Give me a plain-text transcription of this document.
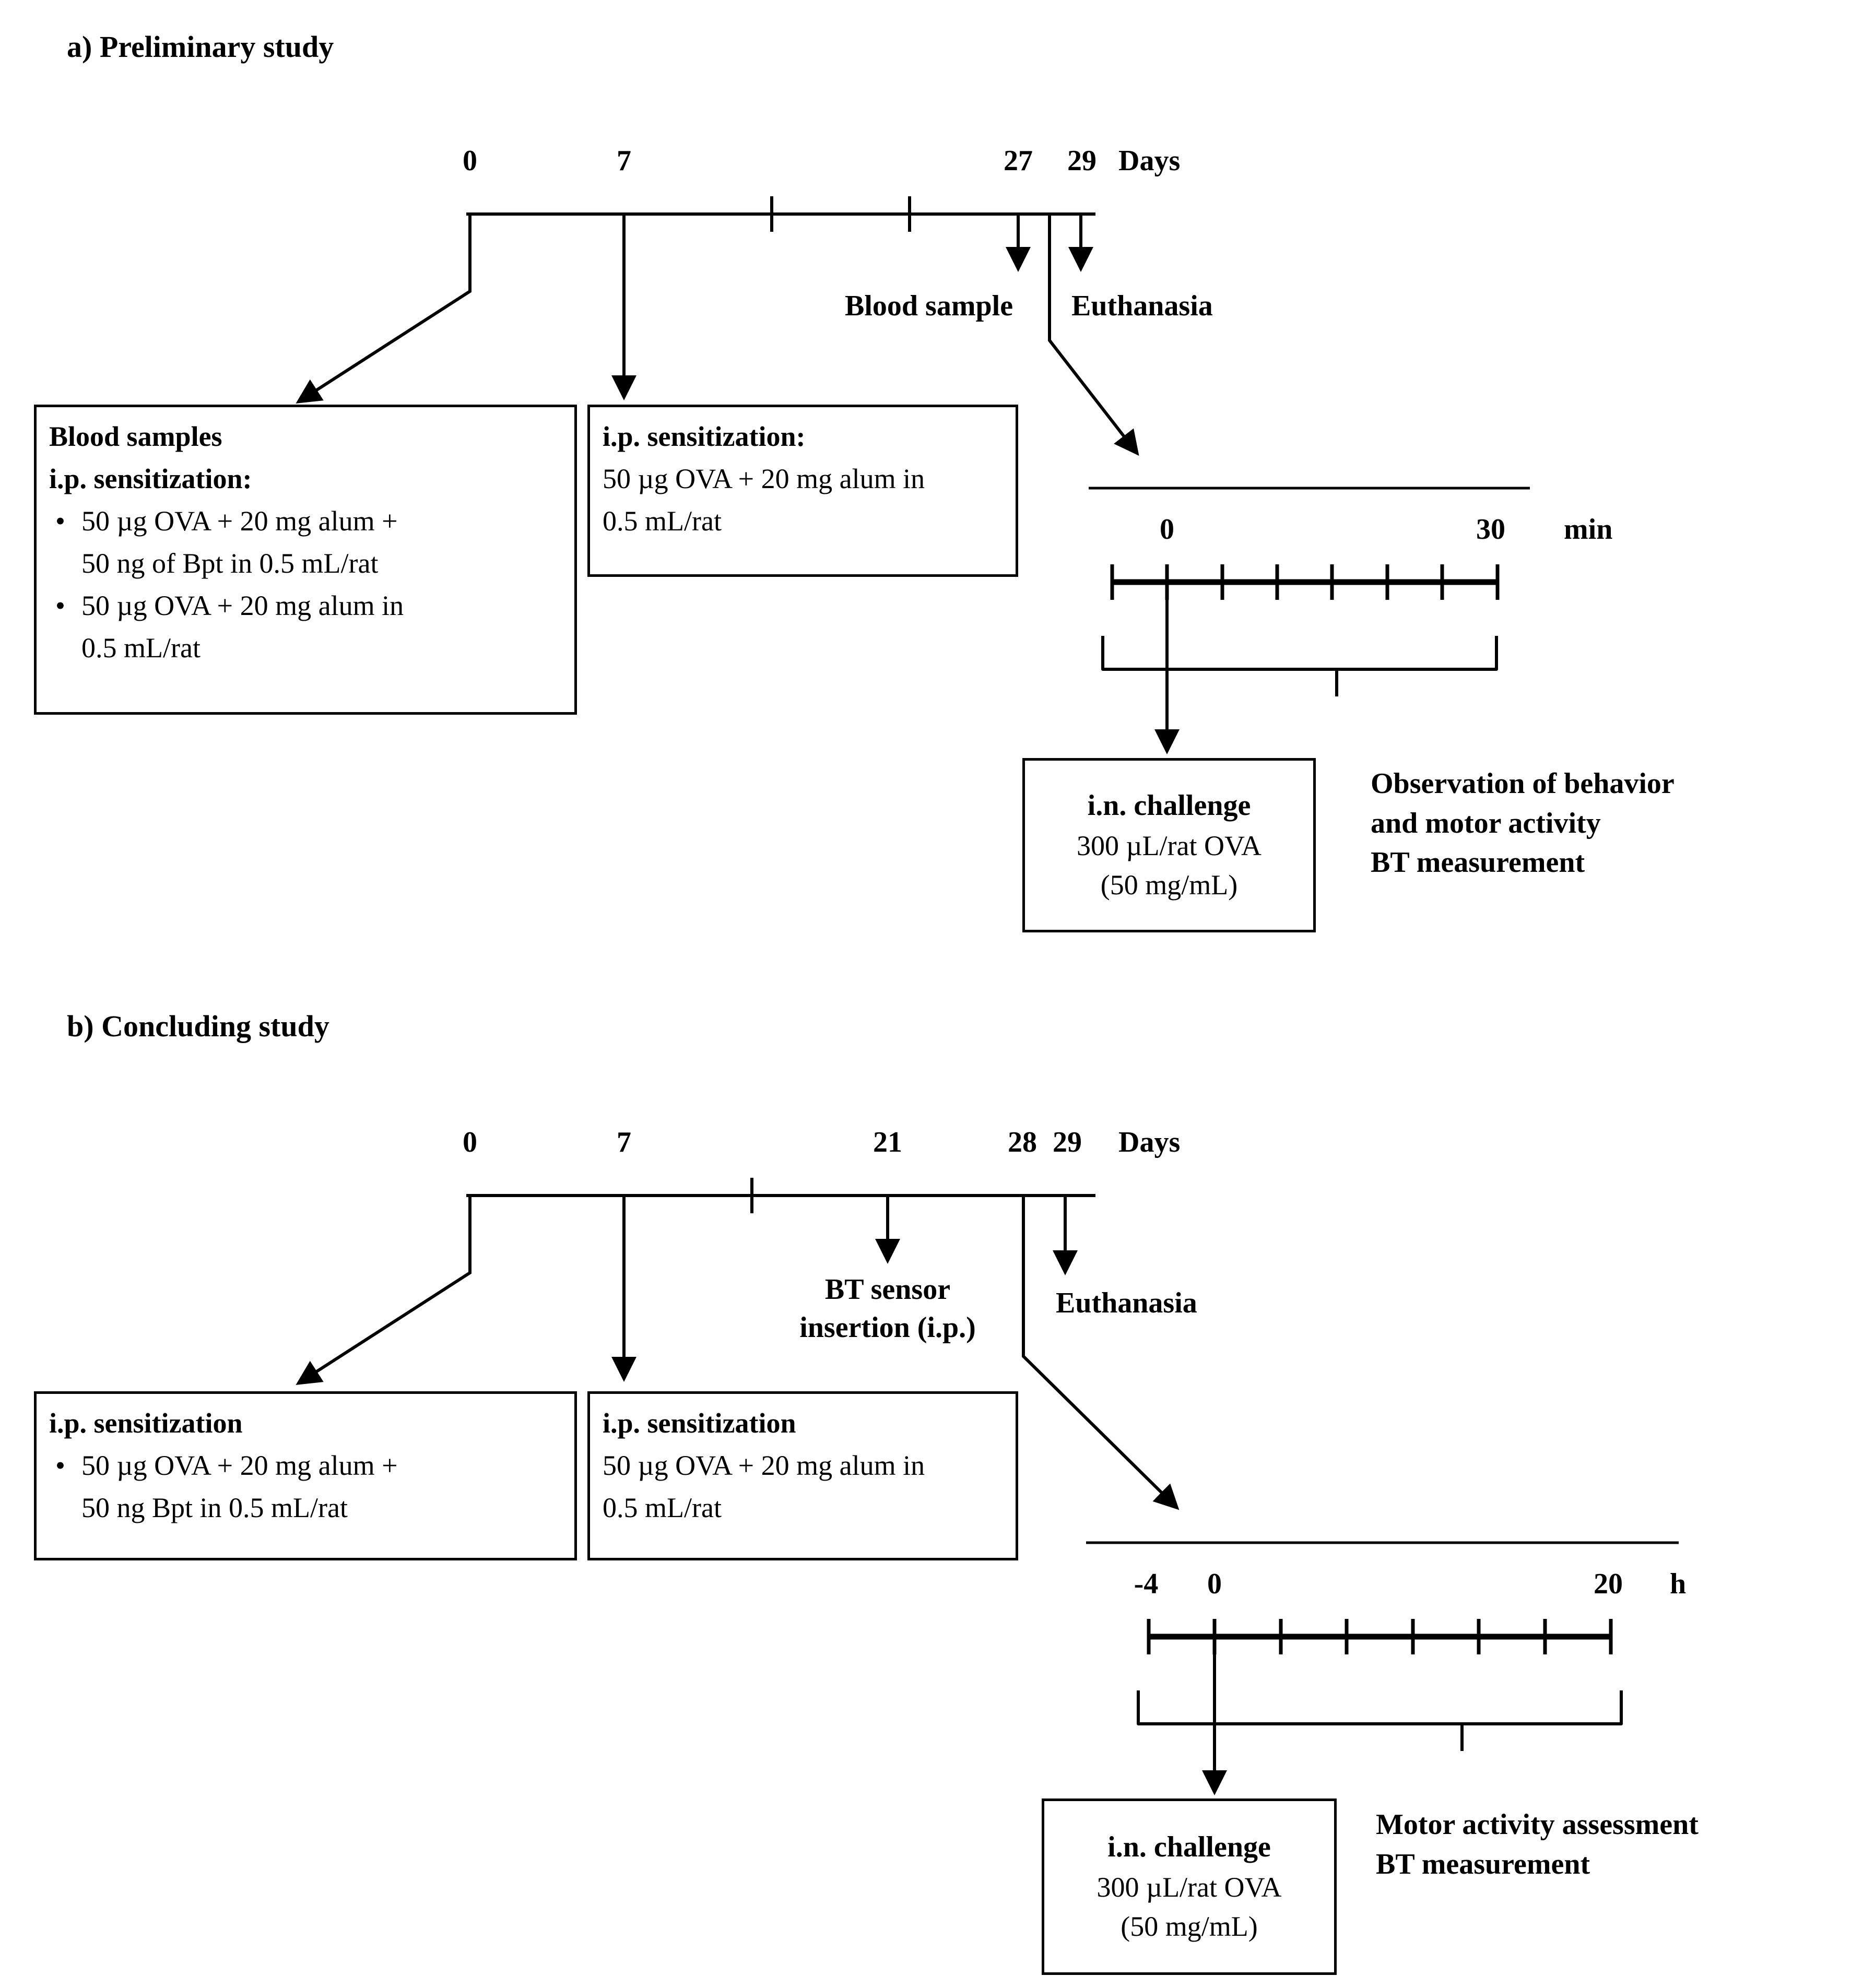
a) Preliminary study
0	7	27 29 Days
Blood sample Euthanasia
Blood samples
i.p. sensitization:
• 50 µg OVA + 20 mg alum + 50 ng of Bpt in 0.5 mL/rat
• 50 µg OVA + 20 mg alum in 0.5 mL/rat
i.p. sensitization:
50 µg OVA + 20 mg alum in 0.5 mL/rat	0	30 min
i.n. challenge
300 µL/rat OVA
(50 mg/mL)
Observation of behavior
and motor activity
BT measurement
b) Concluding study
0	7	21	28 29 Days
BT sensor
insertion (i.p.)
Euthanasia
i.p. sensitization
• 50 µg OVA + 20 mg alum + 50 ng Bpt in 0.5 mL/rat
i.p. sensitization
50 µg OVA + 20 mg alum in 0.5 mL/rat
-4 0	20 h
i.n. challenge
300 µL/rat OVA
(50 mg/mL)
Motor activity assessment
BT measurement
